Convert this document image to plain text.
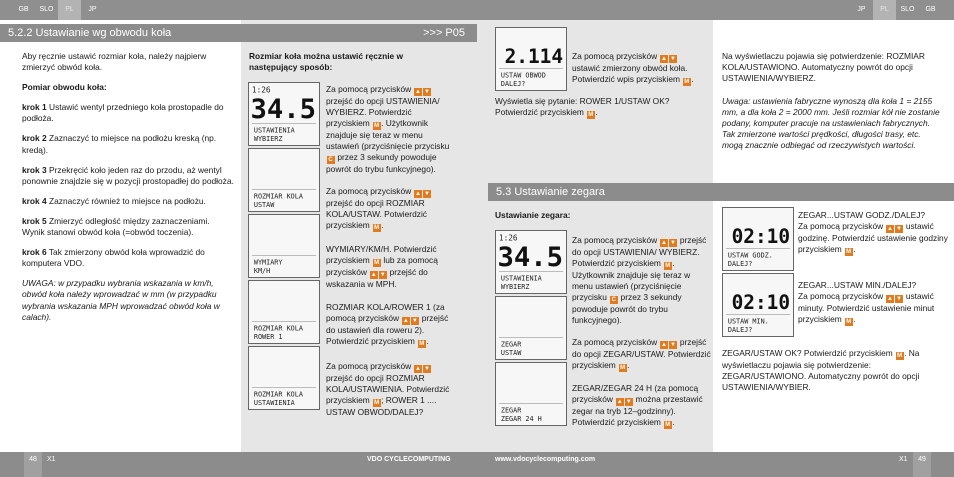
GB	SLO	PL	JP	JP	PL	SLO	GB
5.2.2 Ustawianie wg obwodu koła	>>> P05
Aby ręcznie ustawić rozmiar koła, należy najpierw zmierzyć obwód koła.
Pomiar obwodu koła:
krok 1 Ustawić wentyl przedniego koła prostopadle do podłoża.
krok 2 Zaznaczyć to miejsce na podłożu kreską (np. kredą).
krok 3 Przekręcić koło jeden raz do przodu, aż wentyl ponownie znajdzie się w pozycji prostopadłej do podłoża.
krok 4 Zaznaczyć również to miejsce na podłożu.
krok 5 Zmierzyć odległość między zaznaczeniami. Wynik stanowi obwód koła (=obwód toczenia).
krok 6 Tak zmierzony obwód koła wprowadzić do komputera VDO.
UWAGA: w przypadku wybrania wskazania w km/h, obwód koła należy wprowadzać w mm (w przypadku wybrania wskazania MPH wprowadzać obwód koła w calach).
Rozmiar koła można ustawić ręcznie w następujący sposób:
1:26
34.5
USTAWIENIA
WYBIERZ
ROZMIAR KOLA
USTAW
WYMIARY
KM/H
ROZMIAR KOLA
ROWER 1
ROZMIAR KOLA
USTAWIENIA
Za pomocą przycisków ▲ ▼ przejść do opcji USTAWIENIA/ WYBIERZ. Potwierdzić przyciskiem M . Użytkownik znajduje się teraz w menu ustawień (przyciśnięcie przycisku C przez 3 sekundy powoduje powrót do trybu funkcyjnego).
Za pomocą przycisków ▲ ▼ przejść do opcji ROZMIAR KOLA/USTAW. Potwierdzić przyciskiem M .
WYMIARY/KM/H. Potwierdzić przyciskiem M lub za pomocą przycisków ▲ ▼ przejść do wskazania w MPH.
ROZMIAR KOLA/ROWER 1 (za pomocą przycisków ▲ ▼ przejść do ustawień dla roweru 2). Potwierdzić przyciskiem M .
Za pomocą przycisków ▲ ▼ przejść do opcji ROZMIAR KOLA/USTAWIENIA. Potwierdzić przyciskiem M ; ROWER 1 .... USTAW OBWOD/DALEJ?
2.114
USTAW OBWOD
DALEJ?
Za pomocą przycisków ▲ ▼ ustawić zmierzony obwód koła. Potwierdzić wpis przyciskiem M .
Wyświetla się pytanie: ROWER 1/USTAW OK? Potwierdzić przyciskiem M .
Na wyświetlaczu pojawia się potwierdzenie: ROZMIAR KOLA/USTAWIONO. Automatyczny powrót do opcji USTAWIENIA/WYBIERZ.
Uwaga: ustawienia fabryczne wynoszą dla koła 1 = 2155 mm, a dla koła 2 = 2000 mm. Jeśli rozmiar kół nie zostanie podany, komputer pracuje na ustawieniach fabrycznych. Tak zmierzone wartości prędkości, długości trasy, etc. mogą znacznie odbiegać od rzeczywistych wartości.
5.3 Ustawianie zegara
Ustawianie zegara:
1:26
34.5
USTAWIENIA
WYBIERZ
ZEGAR
USTAW
ZEGAR
ZEGAR 24 H
Za pomocą przycisków ▲ ▼ przejść do opcji USTAWIENIA/ WYBIERZ. Potwierdzić przyciskiem M . Użytkownik znajduje się teraz w menu ustawień (przyciśnięcie przycisku C przez 3 sekundy powoduje powrót do trybu funkcyjnego).
Za pomocą przycisków ▲ ▼ przejść do opcji ZEGAR/USTAW. Potwierdzić przyciskiem M .
ZEGAR/ZEGAR 24 H (za pomocą przycisków ▲ ▼ można przestawić zegar na tryb 12–godzinny). Potwierdzić przyciskiem M .
02:10
USTAW GODZ.
DALEJ?
02:10
USTAW MIN.
DALEJ?
ZEGAR...USTAW GODZ./DALEJ?
Za pomocą przycisków ▲ ▼ ustawić godzinę. Potwierdzić ustawienie godziny przyciskiem M .
ZEGAR...USTAW MIN./DALEJ?
Za pomocą przycisków ▲ ▼ ustawić minuty. Potwierdzić ustawienie minut przyciskiem M .
ZEGAR/USTAW OK? Potwierdzić przyciskiem M . Na wyświetlaczu pojawia się potwierdzenie: ZEGAR/USTAWIONO. Automatyczny powrót do opcji USTAWIENIA/WYBIER.
48	X1	VDO CYCLECOMPUTING	www.vdocyclecomputing.com	X1	49
